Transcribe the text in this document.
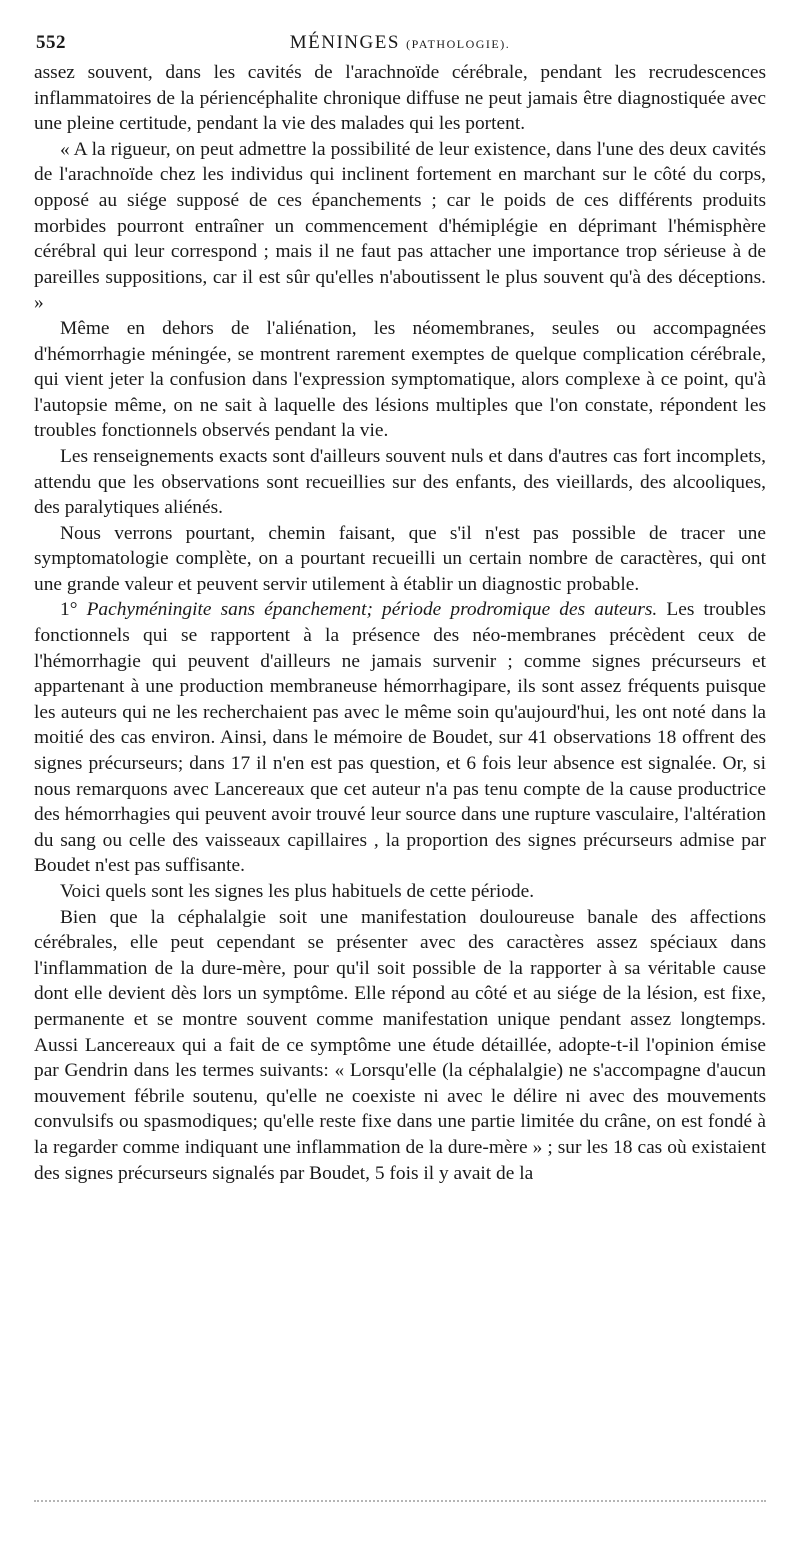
552	MÉNINGES (PATHOLOGIE).

assez souvent, dans les cavités de l'arachnoïde cérébrale, pendant les recrudescences inflammatoires de la périencéphalite chronique diffuse ne peut jamais être diagnostiquée avec une pleine certitude, pendant la vie des malades qui les portent.

« A la rigueur, on peut admettre la possibilité de leur existence, dans l'une des deux cavités de l'arachnoïde chez les individus qui inclinent fortement en marchant sur le côté du corps, opposé au siége supposé de ces épanchements ; car le poids de ces différents produits morbides pourront entraîner un commencement d'hémiplégie en déprimant l'hémisphère cérébral qui leur correspond ; mais il ne faut pas attacher une importance trop sérieuse à de pareilles suppositions, car il est sûr qu'elles n'aboutissent le plus souvent qu'à des déceptions. »

Même en dehors de l'aliénation, les néomembranes, seules ou accompagnées d'hémorrhagie méningée, se montrent rarement exemptes de quelque complication cérébrale, qui vient jeter la confusion dans l'expression symptomatique, alors complexe à ce point, qu'à l'autopsie même, on ne sait à laquelle des lésions multiples que l'on constate, répondent les troubles fonctionnels observés pendant la vie.

Les renseignements exacts sont d'ailleurs souvent nuls et dans d'autres cas fort incomplets, attendu que les observations sont recueillies sur des enfants, des vieillards, des alcooliques, des paralytiques aliénés.

Nous verrons pourtant, chemin faisant, que s'il n'est pas possible de tracer une symptomatologie complète, on a pourtant recueilli un certain nombre de caractères, qui ont une grande valeur et peuvent servir utilement à établir un diagnostic probable.

1° Pachyméningite sans épanchement; période prodromique des auteurs. Les troubles fonctionnels qui se rapportent à la présence des néo-membranes précèdent ceux de l'hémorrhagie qui peuvent d'ailleurs ne jamais survenir ; comme signes précurseurs et appartenant à une production membraneuse hémorrhagipare, ils sont assez fréquents puisque les auteurs qui ne les recherchaient pas avec le même soin qu'aujourd'hui, les ont noté dans la moitié des cas environ. Ainsi, dans le mémoire de Boudet, sur 41 observations 18 offrent des signes précurseurs; dans 17 il n'en est pas question, et 6 fois leur absence est signalée. Or, si nous remarquons avec Lancereaux que cet auteur n'a pas tenu compte de la cause productrice des hémorrhagies qui peuvent avoir trouvé leur source dans une rupture vasculaire, l'altération du sang ou celle des vaisseaux capillaires , la proportion des signes précurseurs admise par Boudet n'est pas suffisante.

Voici quels sont les signes les plus habituels de cette période.

Bien que la céphalalgie soit une manifestation douloureuse banale des affections cérébrales, elle peut cependant se présenter avec des caractères assez spéciaux dans l'inflammation de la dure-mère, pour qu'il soit possible de la rapporter à sa véritable cause dont elle devient dès lors un symptôme. Elle répond au côté et au siége de la lésion, est fixe, permanente et se montre souvent comme manifestation unique pendant assez longtemps. Aussi Lancereaux qui a fait de ce symptôme une étude détaillée, adopte-t-il l'opinion émise par Gendrin dans les termes suivants: « Lorsqu'elle (la céphalalgie) ne s'accompagne d'aucun mouvement fébrile soutenu, qu'elle ne coexiste ni avec le délire ni avec des mouvements convulsifs ou spasmodiques; qu'elle reste fixe dans une partie limitée du crâne, on est fondé à la regarder comme indiquant une inflammation de la dure-mère » ; sur les 18 cas où existaient des signes précurseurs signalés par Boudet, 5 fois il y avait de la
